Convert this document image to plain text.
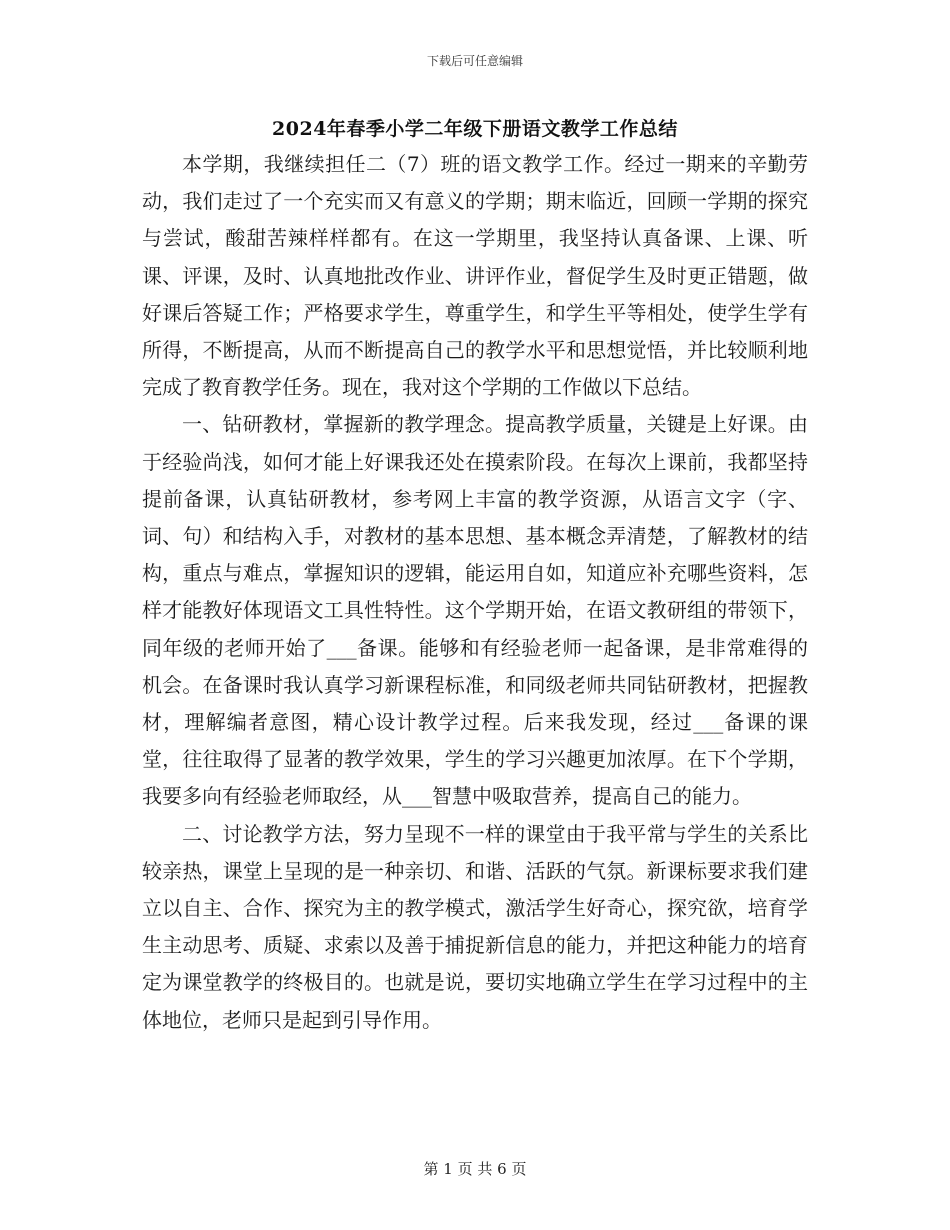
下载后可任意编辑
2024年春季小学二年级下册语文教学工作总结

本学期，我继续担任二（7）班的语文教学工作。经过一期来的辛勤劳动，我们走过了一个充实而又有意义的学期；期末临近，回顾一学期的探究与尝试，酸甜苦辣样样都有。在这一学期里，我坚持认真备课、上课、听课、评课，及时、认真地批改作业、讲评作业，督促学生及时更正错题，做好课后答疑工作；严格要求学生，尊重学生，和学生平等相处，使学生学有所得，不断提高，从而不断提高自己的教学水平和思想觉悟，并比较顺利地完成了教育教学任务。现在，我对这个学期的工作做以下总结。

一、钻研教材，掌握新的教学理念。提高教学质量，关键是上好课。由于经验尚浅，如何才能上好课我还处在摸索阶段。在每次上课前，我都坚持提前备课，认真钻研教材，参考网上丰富的教学资源，从语言文字（字、词、句）和结构入手，对教材的基本思想、基本概念弄清楚，了解教材的结构，重点与难点，掌握知识的逻辑，能运用自如，知道应补充哪些资料，怎样才能教好体现语文工具性特性。这个学期开始，在语文教研组的带领下，同年级的老师开始了___备课。能够和有经验老师一起备课，是非常难得的机会。在备课时我认真学习新课程标准，和同级老师共同钻研教材，把握教材，理解编者意图，精心设计教学过程。后来我发现，经过___备课的课堂，往往取得了显著的教学效果，学生的学习兴趣更加浓厚。在下个学期，我要多向有经验老师取经，从___智慧中吸取营养，提高自己的能力。

二、讨论教学方法，努力呈现不一样的课堂由于我平常与学生的关系比较亲热，课堂上呈现的是一种亲切、和谐、活跃的气氛。新课标要求我们建立以自主、合作、探究为主的教学模式，激活学生好奇心，探究欲，培育学生主动思考、质疑、求索以及善于捕捉新信息的能力，并把这种能力的培育定为课堂教学的终极目的。也就是说，要切实地确立学生在学习过程中的主体地位，老师只是起到引导作用。

第 1 页 共 6 页
